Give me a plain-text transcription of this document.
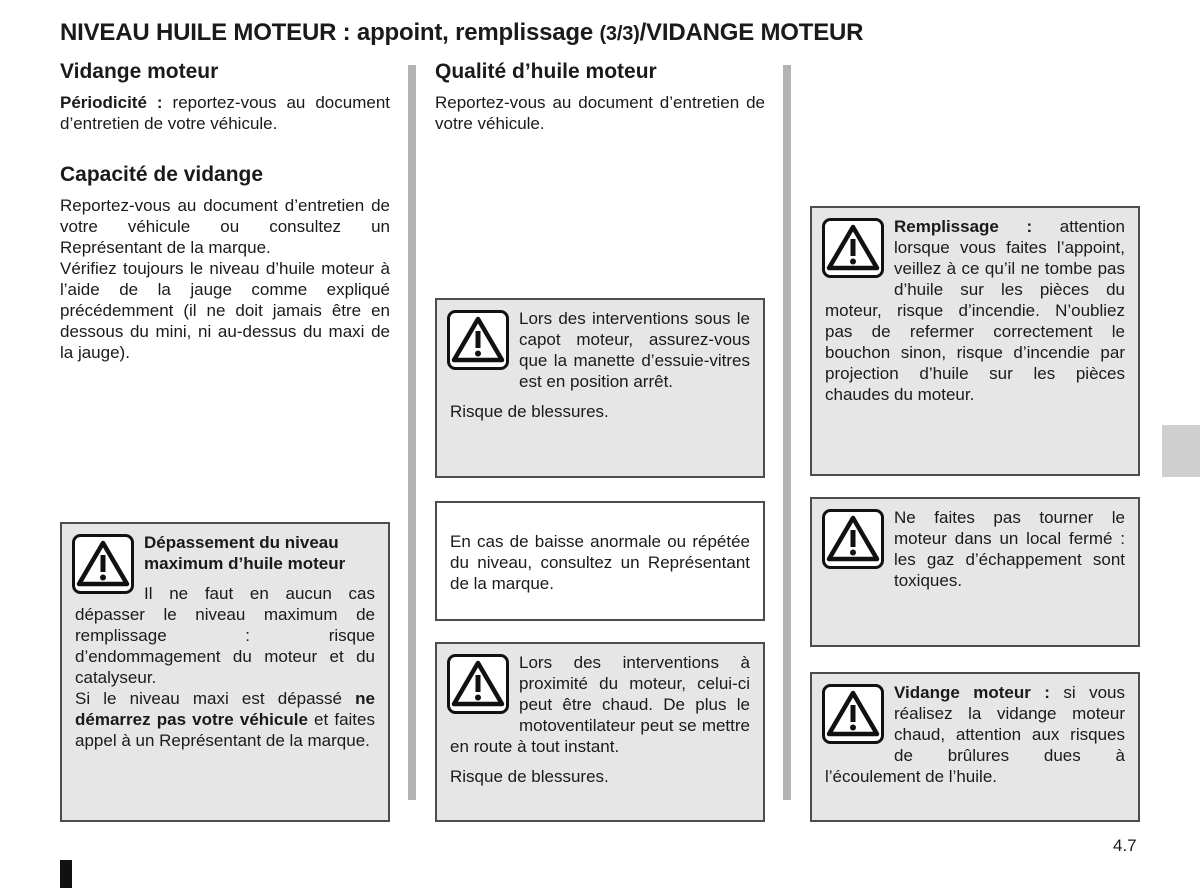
NIVEAU HUILE MOTEUR : appoint, remplissage (3/3)/VIDANGE MOTEUR
Vidange moteur

Périodicité : reportez-vous au document d’entretien de votre véhicule.

Capacité de vidange

Reportez-vous au document d’entretien de votre véhicule ou consultez un Représentant de la marque.

Vérifiez toujours le niveau d’huile moteur à l’aide de la jauge comme expliqué précédemment (il ne doit jamais être en dessous du mini, ni au-dessus du maxi de la jauge).

Dépassement du niveau maximum d’huile moteur

Il ne faut en aucun cas dépasser le niveau maximum de remplissage : risque d’endommagement du moteur et du catalyseur.

Si le niveau maxi est dépassé ne démarrez pas votre véhicule et faites appel à un Représentant de la marque.

Qualité d’huile moteur

Reportez-vous au document d’entretien de votre véhicule.

Lors des interventions sous le capot moteur, assurez-vous que la manette d’essuie-vitres est en position arrêt.

Risque de blessures.

En cas de baisse anormale ou répétée du niveau, consultez un Représentant de la marque.

Lors des interventions à proximité du moteur, celui-ci peut être chaud. De plus le motoventilateur peut se mettre en route à tout instant.

Risque de blessures.

Remplissage : attention lorsque vous faites l’appoint, veillez à ce qu’il ne tombe pas d’huile sur les pièces du moteur, risque d’incendie. N’oubliez pas de refermer correctement le bouchon sinon, risque d’incendie par projection d’huile sur les pièces chaudes du moteur.

Ne faites pas tourner le moteur dans un local fermé : les gaz d’échappement sont toxiques.

Vidange moteur : si vous réalisez la vidange moteur chaud, attention aux risques de brûlures dues à l’écoulement de l’huile.

4.7
